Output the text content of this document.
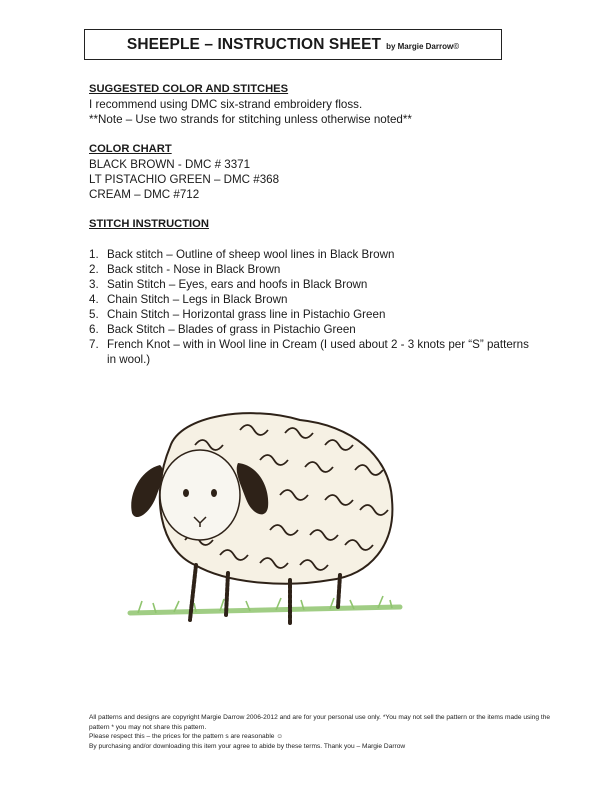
SHEEPLE – INSTRUCTION SHEET by Margie Darrow©
SUGGESTED COLOR AND STITCHES

I recommend using DMC six-strand embroidery floss.

**Note – Use two strands for stitching unless otherwise noted**

COLOR CHART

BLACK BROWN - DMC # 3371

LT PISTACHIO GREEN – DMC #368

CREAM – DMC #712

STITCH INSTRUCTION
1. Back stitch – Outline of sheep wool lines in Black Brown
2. Back stitch - Nose in Black Brown
3. Satin Stitch – Eyes, ears and hoofs in Black Brown
4. Chain Stitch – Legs in Black Brown
5. Chain Stitch – Horizontal grass line in Pistachio Green
6. Back Stitch – Blades of grass in Pistachio Green
7. French Knot – with in Wool line in Cream (I used about 2 - 3 knots per “S” patterns in wool.)
All patterns and designs are copyright Margie Darrow 2006-2012 and are for your personal use only. *You may not sell the pattern or the items made using the pattern * you may not share this pattern.
Please respect this – the prices for the pattern s are reasonable ☺
By purchasing and/or downloading this item your agree to abide by these terms. Thank you – Margie Darrow
